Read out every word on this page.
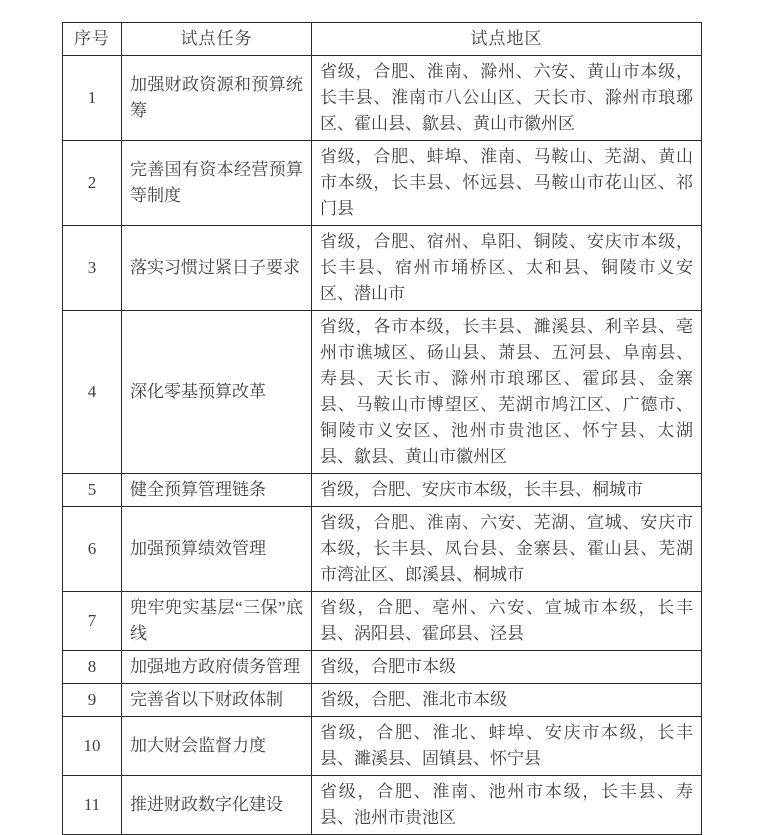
序号	试点任务	试点地区
1	加强财政资源和预算统筹	省级，合肥、淮南、滁州、六安、黄山市本级，长丰县、淮南市八公山区、天长市、滁州市琅琊区、霍山县、歙县、黄山市徽州区
2	完善国有资本经营预算等制度	省级，合肥、蚌埠、淮南、马鞍山、芜湖、黄山市本级，长丰县、怀远县、马鞍山市花山区、祁门县
3	落实习惯过紧日子要求	省级，合肥、宿州、阜阳、铜陵、安庆市本级，长丰县、宿州市埇桥区、太和县、铜陵市义安区、潜山市
4	深化零基预算改革	省级，各市本级，长丰县、濉溪县、利辛县、亳州市谯城区、砀山县、萧县、五河县、阜南县、寿县、天长市、滁州市琅琊区、霍邱县、金寨县、马鞍山市博望区、芜湖市鸠江区、广德市、铜陵市义安区、池州市贵池区、怀宁县、太湖县、歙县、黄山市徽州区
5	健全预算管理链条	省级，合肥、安庆市本级，长丰县、桐城市
6	加强预算绩效管理	省级，合肥、淮南、六安、芜湖、宣城、安庆市本级，长丰县、凤台县、金寨县、霍山县、芜湖市湾沚区、郎溪县、桐城市
7	兜牢兜实基层“三保”底线	省级，合肥、亳州、六安、宣城市本级，长丰县、涡阳县、霍邱县、泾县
8	加强地方政府债务管理	省级，合肥市本级
9	完善省以下财政体制	省级，合肥、淮北市本级
10	加大财会监督力度	省级，合肥、淮北、蚌埠、安庆市本级，长丰县、濉溪县、固镇县、怀宁县
11	推进财政数字化建设	省级，合肥、淮南、池州市本级，长丰县、寿县、池州市贵池区
